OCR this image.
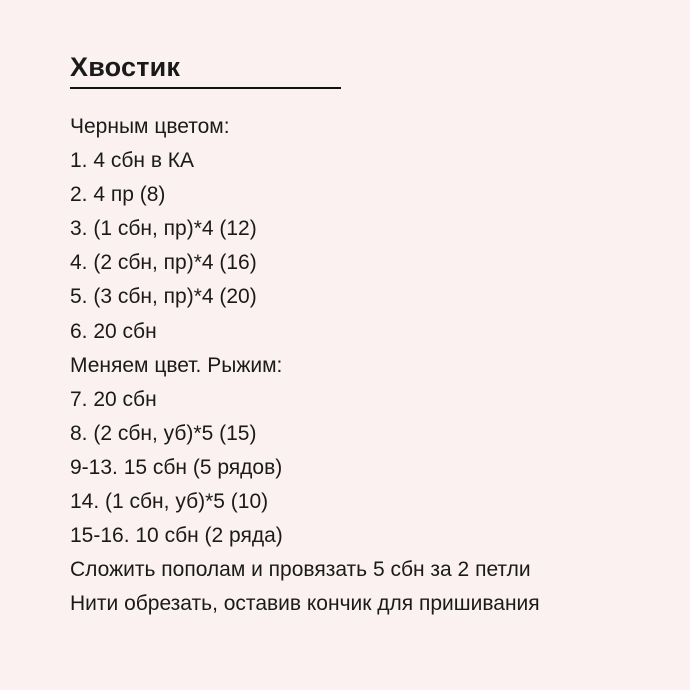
Хвостик
Черным цветом:
1. 4 сбн в КА
2. 4 пр (8)
3. (1 сбн, пр)*4 (12)
4. (2 сбн, пр)*4 (16)
5. (3 сбн, пр)*4 (20)
6. 20 сбн
Меняем цвет. Рыжим:
7. 20 сбн
8. (2 сбн, уб)*5 (15)
9-13. 15 сбн (5 рядов)
14. (1 сбн, уб)*5 (10)
15-16. 10 сбн (2 ряда)
Сложить пополам и провязать 5 сбн за 2 петли
Нити обрезать, оставив кончик для пришивания
